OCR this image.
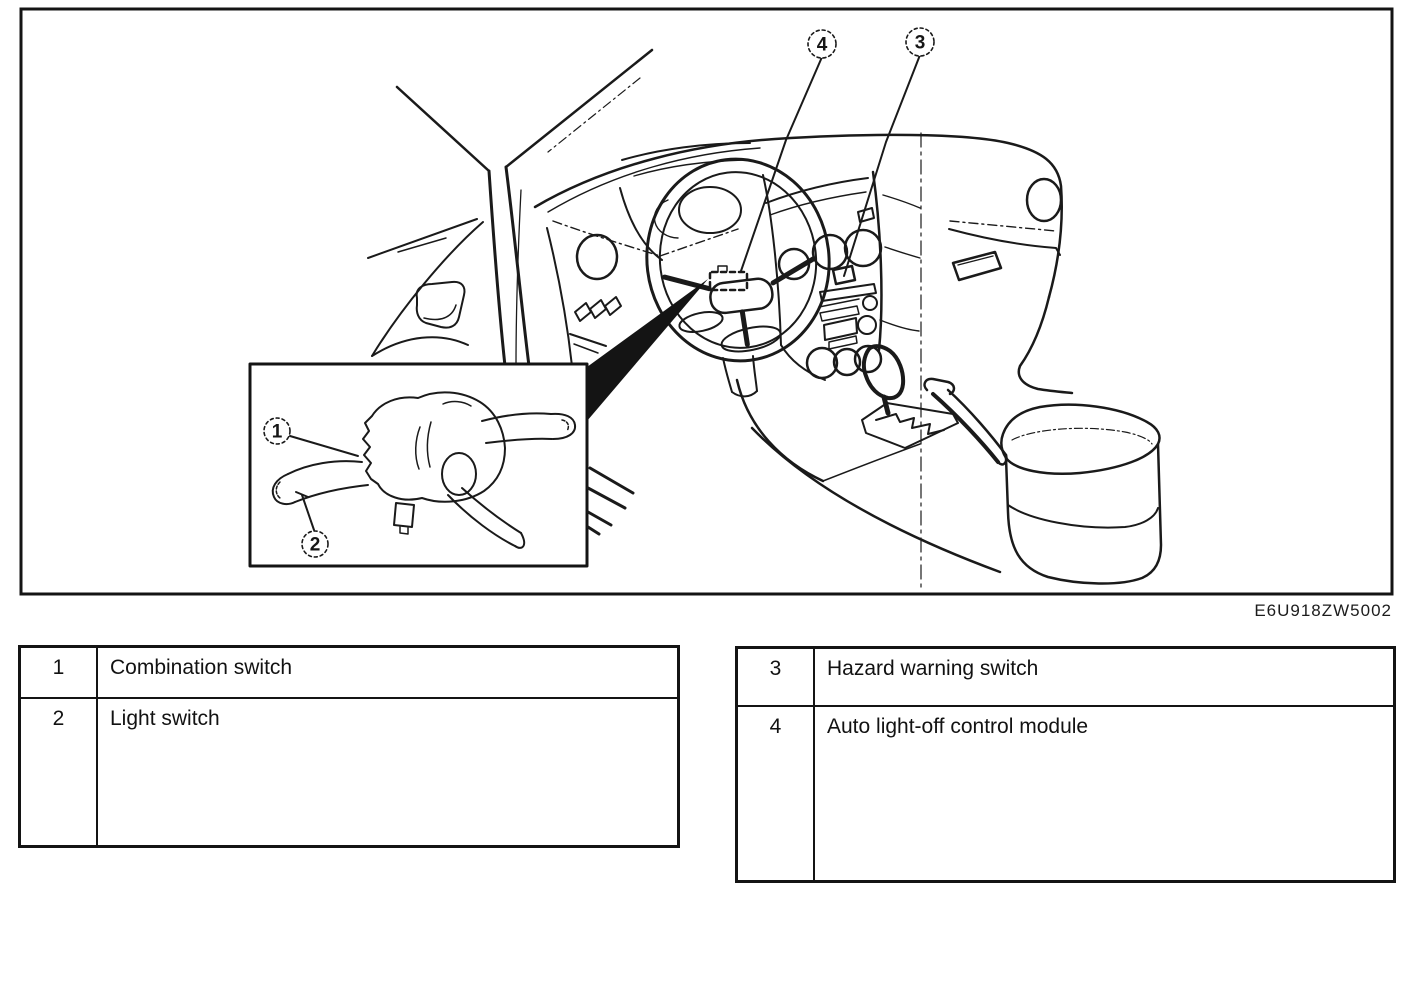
4	3
1
2
E6U918ZW5002
1	Combination switch
2	Light switch
3	Hazard warning switch
4	Auto light-off control module
